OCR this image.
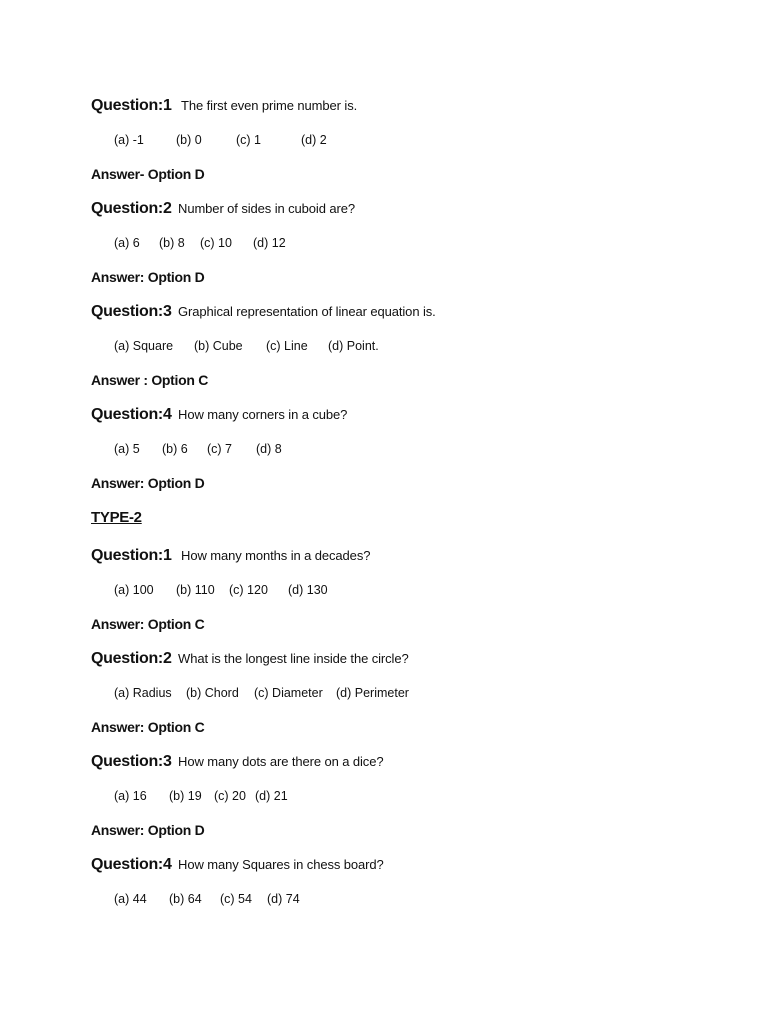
Question:1 The first even prime number is.
(a) -1	(b) 0	(c) 1	(d) 2
Answer- Option D
Question:2 Number of sides in cuboid are?
(a) 6 (b) 8 (c) 10 (d) 12
Answer: Option D
Question:3 Graphical representation of linear equation is.
(a) Square (b) Cube (c) Line (d) Point.
Answer : Option C
Question:4 How many corners in a cube?
(a) 5 (b) 6 (c) 7 (d) 8
Answer: Option D
TYPE-2
Question:1 How many months in a decades?
(a) 100 (b) 110 (c) 120 (d) 130
Answer: Option C
Question:2 What is the longest line inside the circle?
(a) Radius (b) Chord (c) Diameter (d) Perimeter
Answer: Option C
Question:3 How many dots are there on a dice?
(a) 16 (b) 19 (c) 20 (d) 21
Answer: Option D
Question:4 How many Squares in chess board?
(a) 44 (b) 64 (c) 54 (d) 74
